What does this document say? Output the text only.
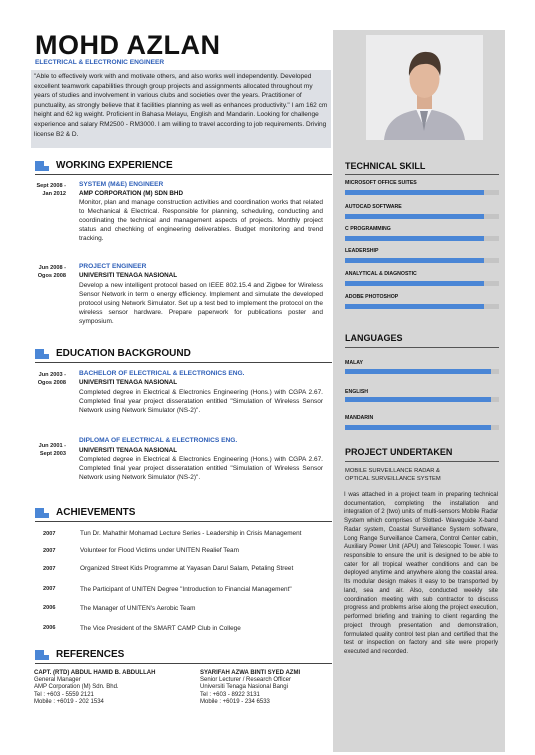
MOHD AZLAN
ELECTRICAL & ELECTRONIC ENGINEER
"Able to effectively work with and motivate others, and also works well independently. Developed excellent teamwork capabilities through group projects and assignments allocated throughout my years of studies and involvement in various clubs and societies over the years. Practitioner of punctuality, as strongly believe that it facilities planning as well as enhances productivity." I am 162 cm height and 62 kg weight. Proficient in Bahasa Melayu, English and Mandarin. Looking for challenge experience and salary RM2500 - RM3000. I am willing to travel according to job requirements. Driving license B2 & D.
WORKING EXPERIENCE
Sept 2008 -
Jan 2012
SYSTEM (M&E) ENGINEER
AMP CORPORATION (M) SDN BHD
Monitor, plan and manage construction activities and coordination works that related to Mechanical & Electrical. Responsible for planning, scheduling, conducting and coordinating the technical and management aspects of projects. Monthly project status and chechking of engineering deliverables. Budget monitoring and trend tracking.
Jun 2008 -
Ogos 2008
PROJECT ENGINEER
UNIVERSITI TENAGA NASIONAL
Develop a new intelligent protocol based on IEEE 802.15.4 and Zigbee for Wireless Sensor Network in term o energy efficiency. Implement and simulate the developed protocol using Network Simulator. Set up a test bed to implement the protocol on the wireless sensor hardware. Prepare paperwork for publications poster and symposium.
EDUCATION BACKGROUND
Jun 2003 -
Ogos 2008
BACHELOR OF ELECTRICAL & ELECTRONICS ENG.
UNIVERSITI TENAGA NASIONAL
Completed degree in Electrical & Electronics Engineering (Hons.) with CGPA 2.67. Completed final year project disseratation entitled "Simulation of Wireless Sensor Network using Network Simulator (NS-2)".
Jun 2001 -
Sept 2003
DIPLOMA OF ELECTRICAL & ELECTRONICS ENG.
UNIVERSITI TENAGA NASIONAL
Completed degree in Electrical & Electronics Engineering (Hons.) with CGPA 2.67. Completed final year project disseratation entitled "Simulation of Wireless Sensor Network using Network Simulator (NS-2)".
ACHIEVEMENTS
2007	Tun Dr. Mahathir Mohamad Lecture Series - Leadership in Crisis Management
2007	Volunteer for Flood Victims under UNITEN Realief Team
2007	Organized Street Kids Programme at Yayasan Darul Salam, Petaling Street
2007	The Participant of UNITEN Degree "Introduction to Financial Management"
2006	The Manager of UNITEN's Aerobic Team
2006	The Vice President of the SMART CAMP Club in College
REFERENCES
CAPT. (RTD) ABDUL HAMID B. ABDULLAH
General Manager
AMP Corporation (M) Sdn. Bhd.
Tel : +603 - 5559 2121
Mobile : +6019 - 202 1534
SYARIFAH AZWA BINTI SYED AZMI
Senior Lecturer / Research Officer
Universiti Tenaga Nasional Bangi
Tel : +603 - 8922 3131
Mobile : +6019 - 234 6533
TECHNICAL SKILL
MICROSOFT OFFICE SUITES
AUTOCAD SOFTWARE
C PROGRAMMING
LEADERSHIP
ANALYTICAL & DIAGNOSTIC
ADOBE PHOTOSHOP
LANGUAGES
MALAY
ENGLISH
MANDARIN
PROJECT UNDERTAKEN
MOBILE SURVEILLANCE RADAR &
OPTICAL SURVEILLANCE SYSTEM
I was attached in a project team in preparing technical documentation, completing the installation and integration of 2 (two) units of multi-sensors Mobile Radar System which comprises of Slotted- Waveguide X-band Radar system, Coastal Surveillance System software, Long Range Surveillance Camera, Control Center cabin, Auxiliary Power Unit (APU) and Telescopic Tower. I was responsible to ensure the unit is designed to be able to cater for all tropical weather conditions and can be deployed anytime and anywhere along the coastal area. Its modular design makes it easy to be transported by land, sea and air. Also, conducted weekly site coordination meeting with sub contractor to discuss progress and problems arise along the project execution, performed briefing and training to client regarding the project through presentation and demonstration, formulated quality control test plan and certified that the test or inspection on factory and site were properly executed and recorded.
